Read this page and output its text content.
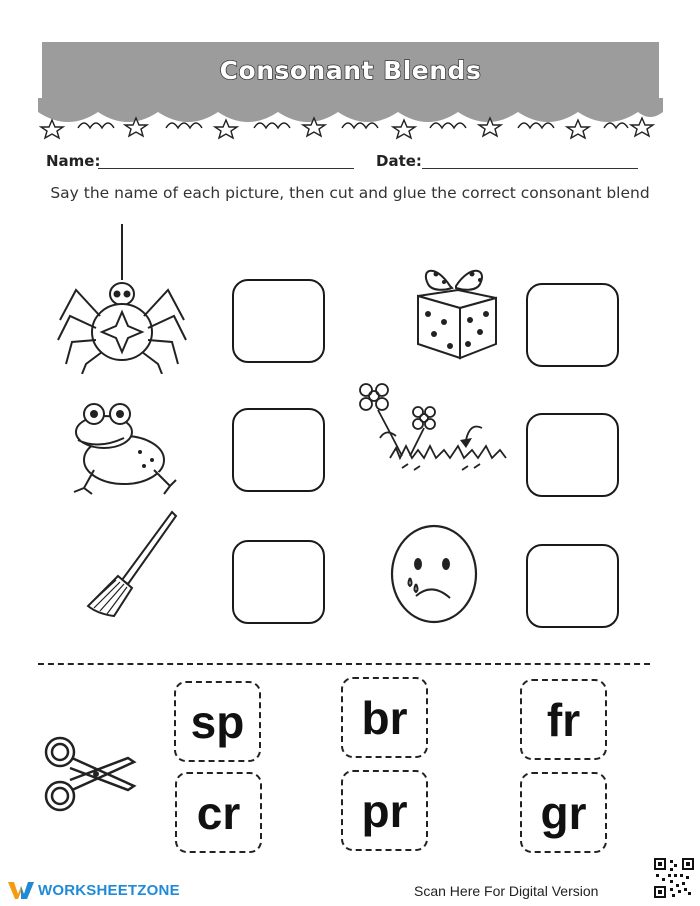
Consonant Blends
Name:	Date:
Say the name of each picture, then cut and glue the correct consonant blend
sp	br	fr
cr	pr	gr
WORKSHEETZONE	Scan Here For Digital Version
